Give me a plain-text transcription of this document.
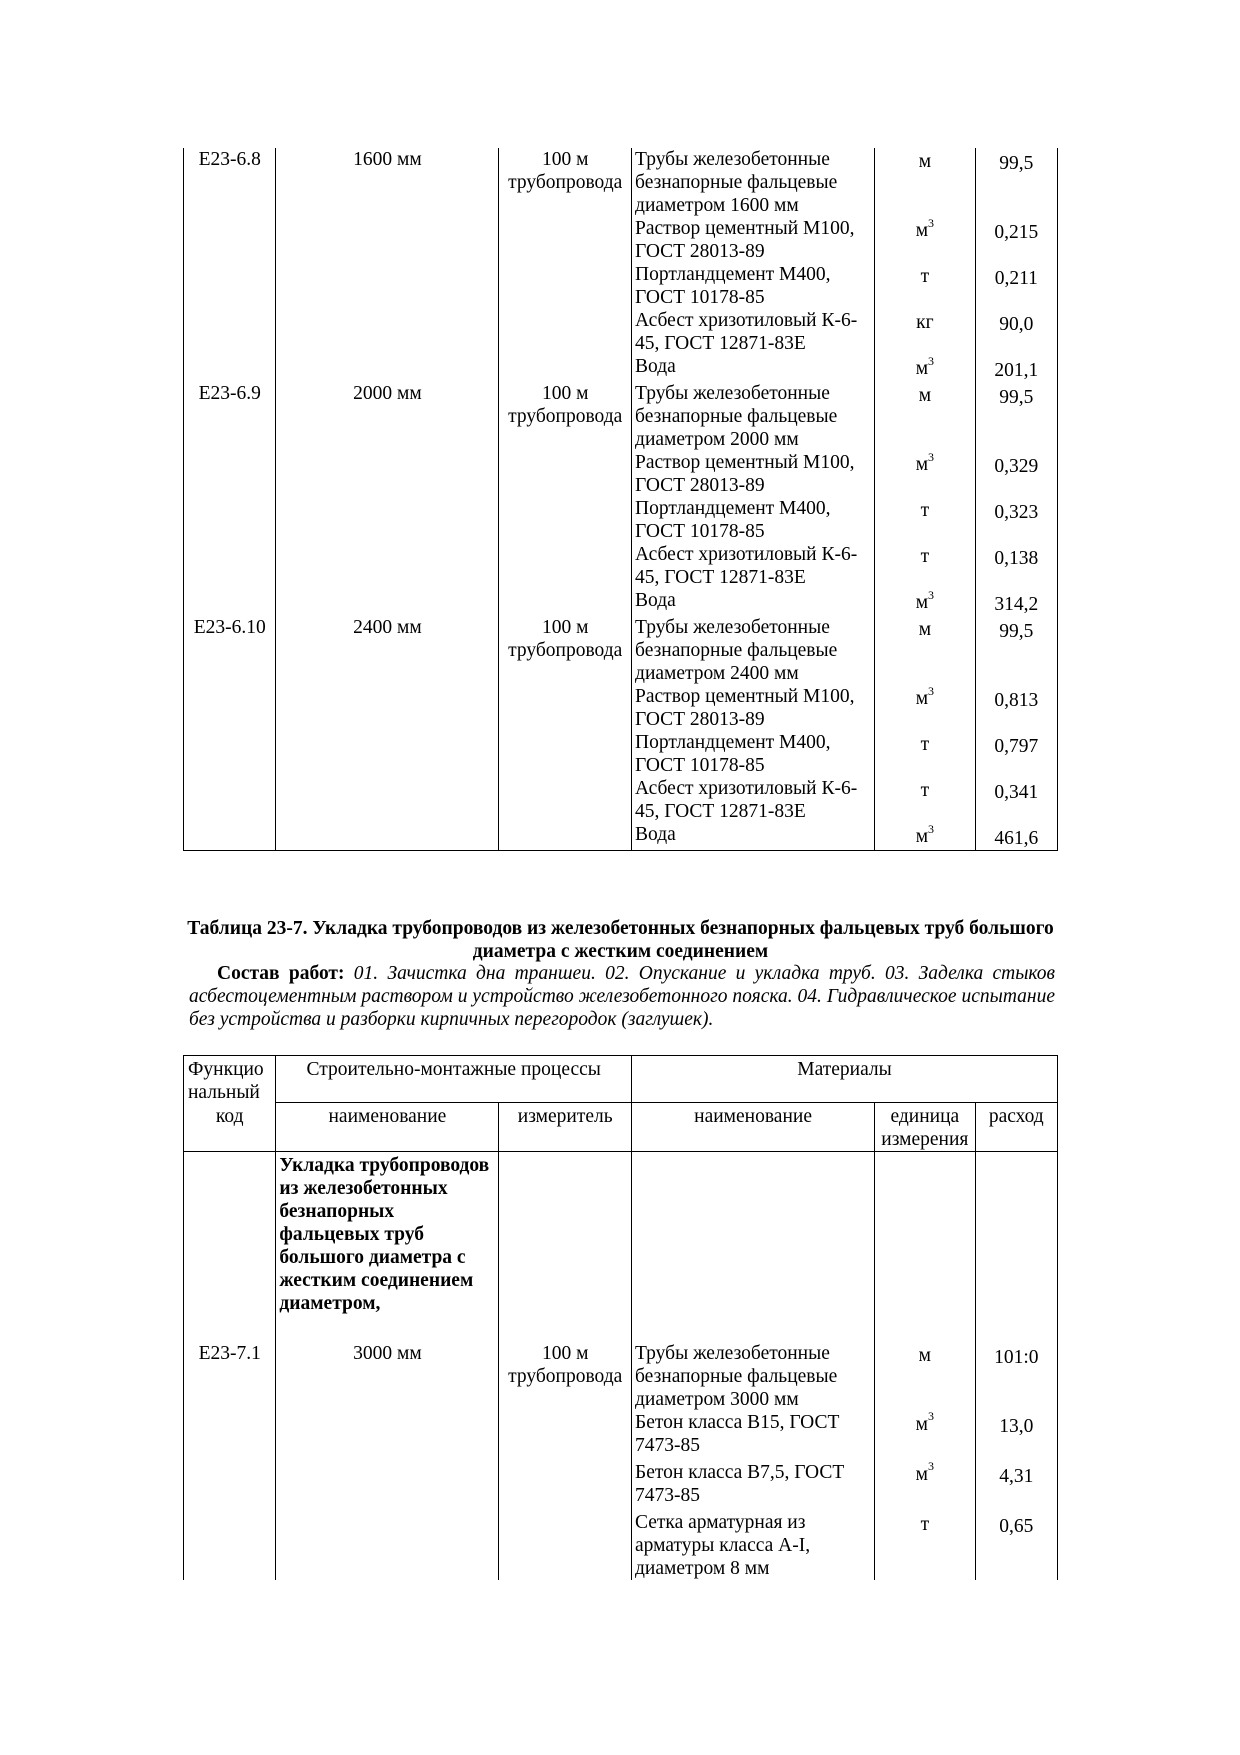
Е23-6.8	1600 мм	100 м трубопровода	Трубы железобетонные безнапорные фальцевые диаметром 1600 мм	м	99,5
			Раствор цементный М100, ГОСТ 28013-89	$м^3$	0,215
			Портландцемент М400, ГОСТ 10178-85	т	0,211
			Асбест хризотиловый К-6-45, ГОСТ 12871-83Е	кг	90,0
			Вода	$м^3$	201,1
Е23-6.9	2000 мм	100 м трубопровода	Трубы железобетонные безнапорные фальцевые диаметром 2000 мм	м	99,5
			Раствор цементный М100, ГОСТ 28013-89	$м^3$	0,329
			Портландцемент М400, ГОСТ 10178-85	т	0,323
			Асбест хризотиловый К-6-45, ГОСТ 12871-83Е	т	0,138
			Вода	$м^3$	314,2
Е23-6.10	2400 мм	100 м трубопровода	Трубы железобетонные безнапорные фальцевые диаметром 2400 мм	м	99,5
			Раствор цементный М100, ГОСТ 28013-89	$м^3$	0,813
			Портландцемент М400, ГОСТ 10178-85	т	0,797
			Асбест хризотиловый К-6-45, ГОСТ 12871-83Е	т	0,341
			Вода	$м^3$	461,6
Таблица 23-7. Укладка трубопроводов из железобетонных безнапорных фальцевых труб большого диаметра с жестким соединением
Состав работ: 01. Зачистка дна траншеи. 02. Опускание и укладка труб. 03. Заделка стыков асбестоцементным раствором и устройство железобетонного пояска. 04. Гидравлическое испытание без устройства и разборки кирпичных перегородок (заглушек).
Функцио
нальный
код	Строительно-монтажные процессы		Материалы		
	наименование	измеритель	наименование	единица измерения	расход
	Укладка трубопроводов из железобетонных безнапорных фальцевых труб большого диаметра с жестким соединением диаметром,				
Е23-7.1	3000 мм	100 м трубопровода	Трубы железобетонные безнапорные фальцевые диаметром 3000 мм	м	101:0
			Бетон класса В15, ГОСТ 7473-85	$м^3$	13,0
			Бетон класса В7,5, ГОСТ 7473-85	$м^3$	4,31
			Сетка арматурная из арматуры класса А-I, диаметром 8 мм	т	0,65
